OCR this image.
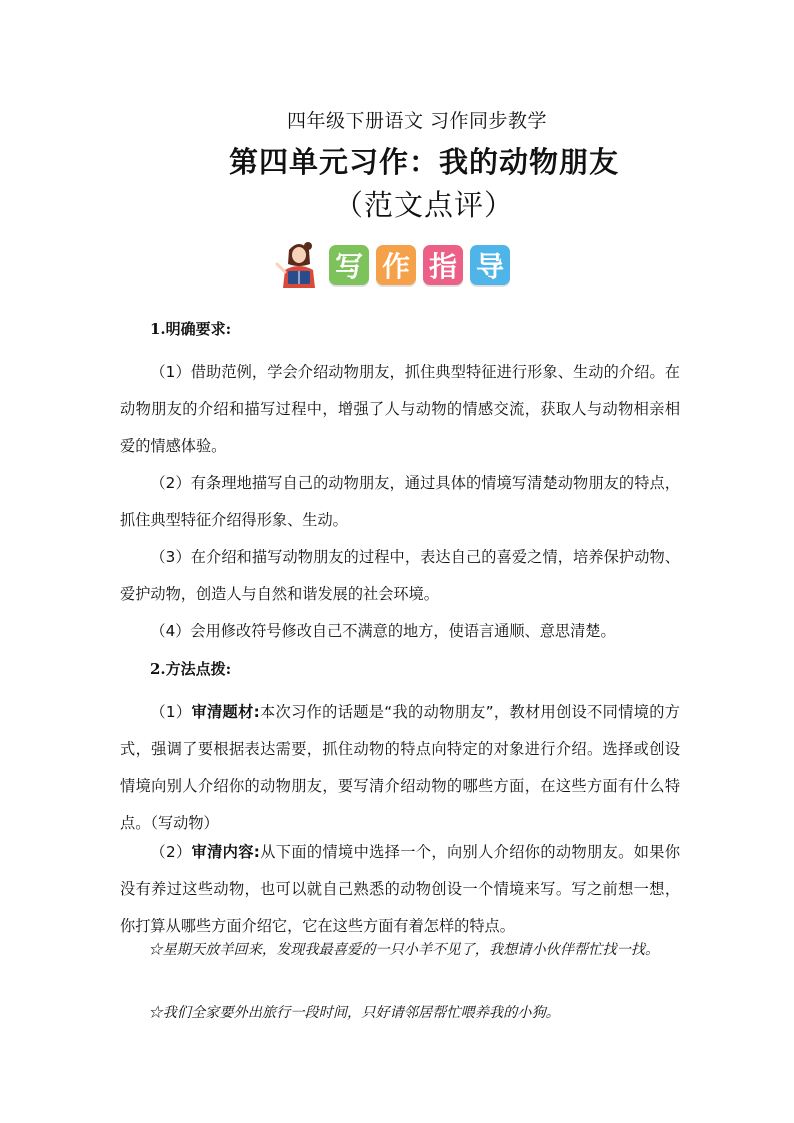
四年级下册语文 习作同步教学
第四单元习作：我的动物朋友
（范文点评）
写 作 指 导
1.明确要求:
（1）借助范例，学会介绍动物朋友，抓住典型特征进行形象、生动的介绍。在动物朋友的介绍和描写过程中，增强了人与动物的情感交流，获取人与动物相亲相爱的情感体验。
（2）有条理地描写自己的动物朋友，通过具体的情境写清楚动物朋友的特点，抓住典型特征介绍得形象、生动。
（3）在介绍和描写动物朋友的过程中，表达自己的喜爱之情，培养保护动物、爱护动物，创造人与自然和谐发展的社会环境。
（4）会用修改符号修改自己不满意的地方，使语言通顺、意思清楚。
2.方法点拨:
（1）审清题材:本次习作的话题是“我的动物朋友”，教材用创设不同情境的方式，强调了要根据表达需要，抓住动物的特点向特定的对象进行介绍。选择或创设情境向别人介绍你的动物朋友，要写清介绍动物的哪些方面，在这些方面有什么特点。（写动物）
（2）审清内容:从下面的情境中选择一个，向别人介绍你的动物朋友。如果你没有养过这些动物，也可以就自己熟悉的动物创设一个情境来写。写之前想一想，你打算从哪些方面介绍它，它在这些方面有着怎样的特点。
☆星期天放羊回来，发现我最喜爱的一只小羊不见了，我想请小伙伴帮忙找一找。
☆我们全家要外出旅行一段时间，只好请邻居帮忙喂养我的小狗。
